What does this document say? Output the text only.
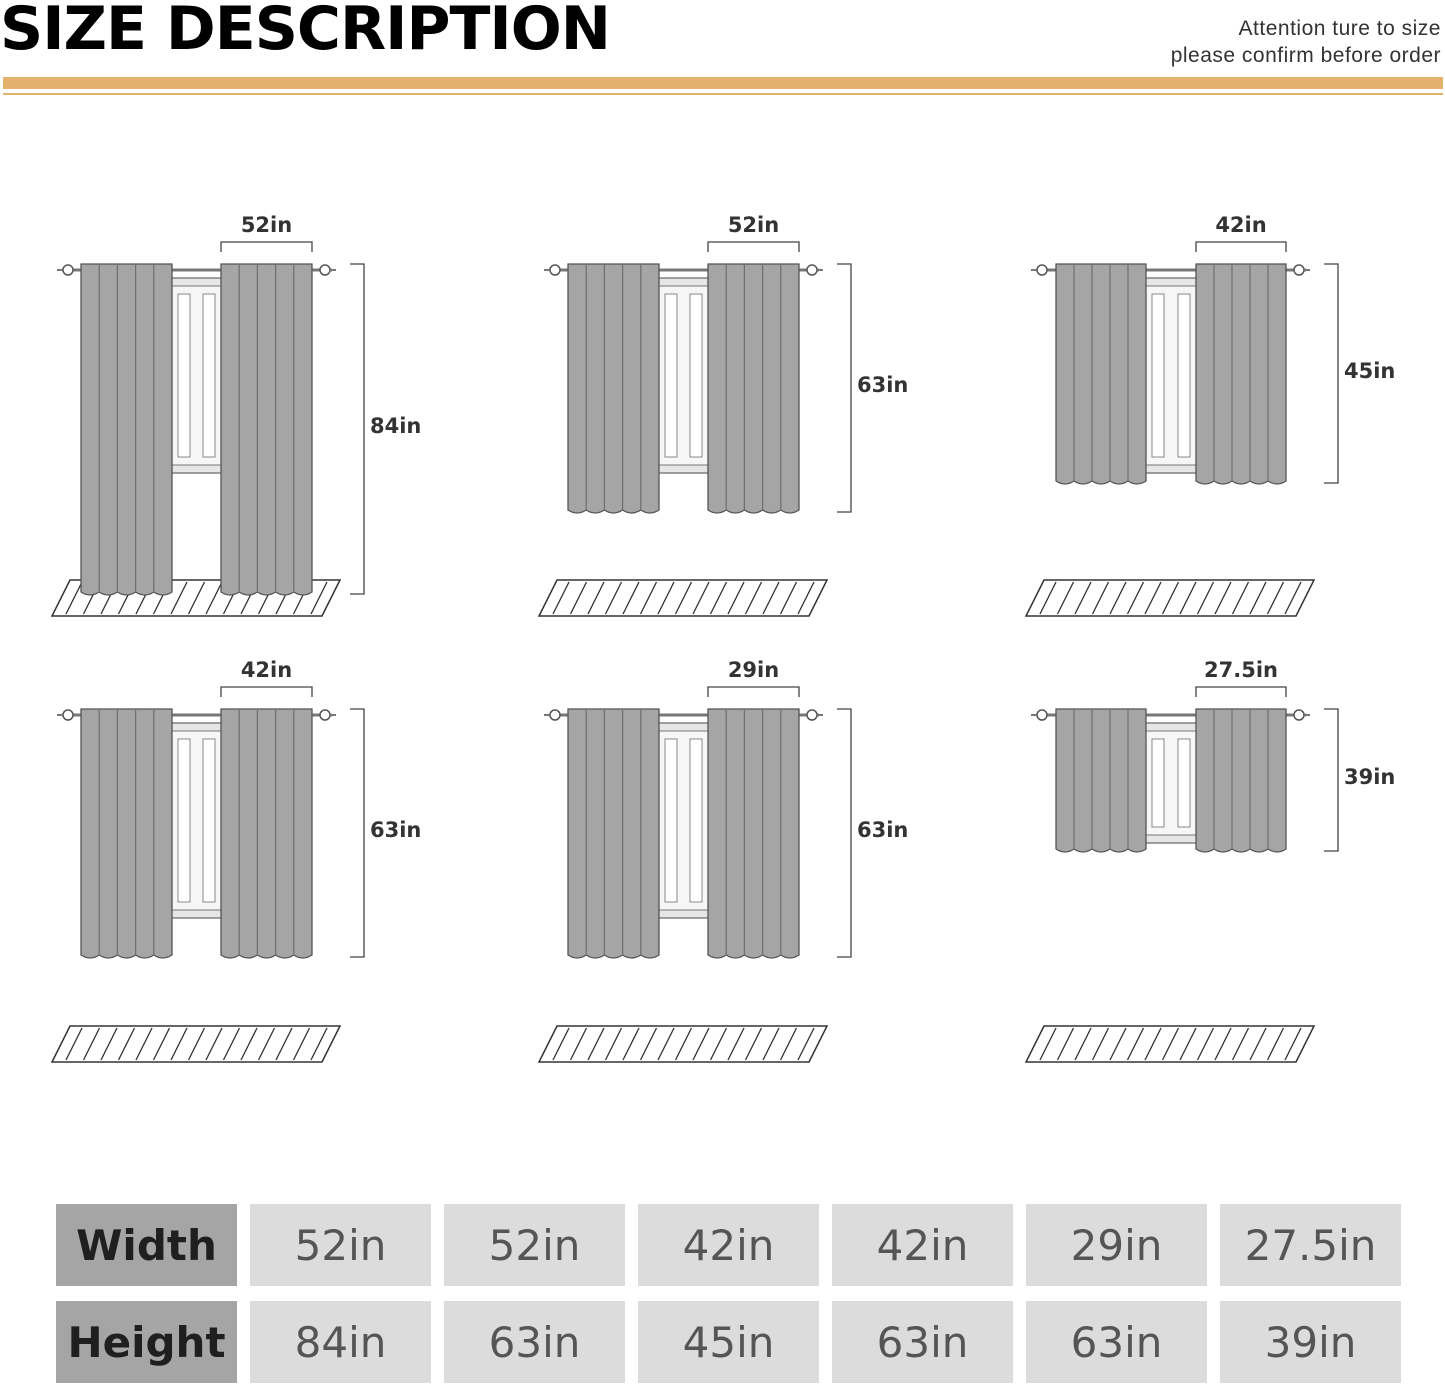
SIZE DESCRIPTION	Attention ture to size
please confirm before order
52in
84in
52in
63in
42in
45in
42in
63in
29in
63in
27.5in
39in
Width	52in	52in	42in	42in	29in	27.5in
Height	84in	63in	45in	63in	63in	39in
